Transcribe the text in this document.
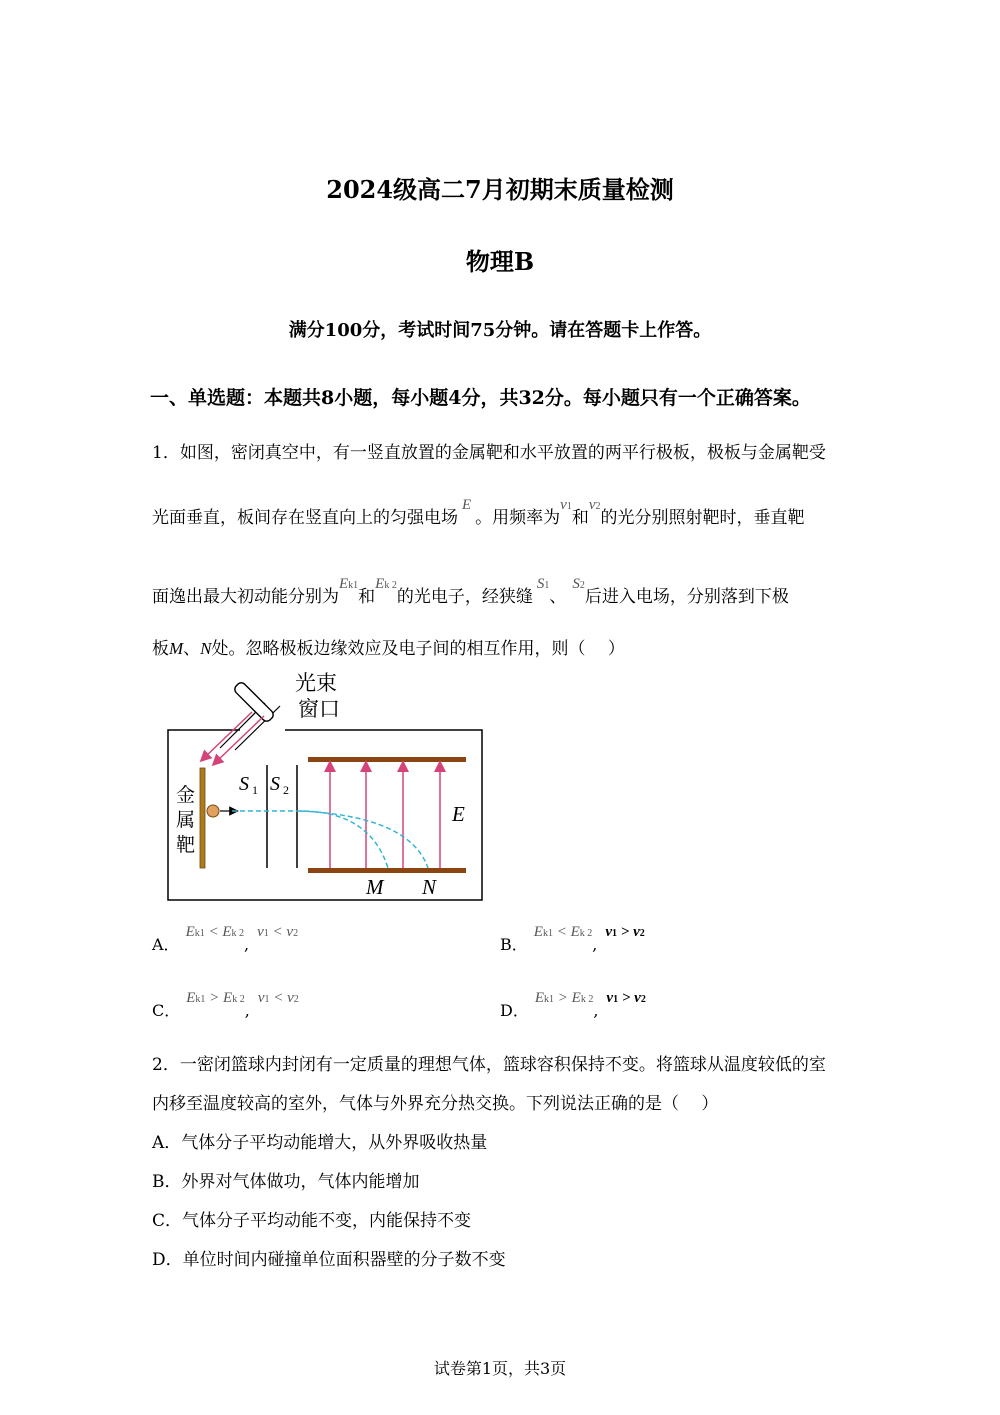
2024级高二7月初期末质量检测
物理B
满分100分，考试时间75分钟。请在答题卡上作答。
一、单选题：本题共8小题，每小题4分，共32分。每小题只有一个正确答案。
1．如图，密闭真空中，有一竖直放置的金属靶和水平放置的两平行极板，极板与金属靶受
光面垂直，板间存在竖直向上的匀强电场E。用频率为ν1和ν2的光分别照射靶时，垂直靶
面逸出最大初动能分别为Ek1和Ek 2的光电子，经狭缝S1、S2后进入电场，分别落到下极
板M、N处。忽略极板边缘效应及电子间的相互作用，则（　 ）
光束
窗口
金
属
靶
S 1 S 2
E
M N
A．Ek1 < Ek 2,ν1 < ν2
B．Ek1 < Ek 2,ν1 > ν2
C．Ek1 > Ek 2,ν1 < ν2
D．Ek1 > Ek 2,ν1 > ν2
2．一密闭篮球内封闭有一定质量的理想气体，篮球容积保持不变。将篮球从温度较低的室
内移至温度较高的室外，气体与外界充分热交换。下列说法正确的是（　 ）
A．气体分子平均动能增大，从外界吸收热量
B．外界对气体做功，气体内能增加
C．气体分子平均动能不变，内能保持不变
D．单位时间内碰撞单位面积器壁的分子数不变
试卷第1页，共3页
